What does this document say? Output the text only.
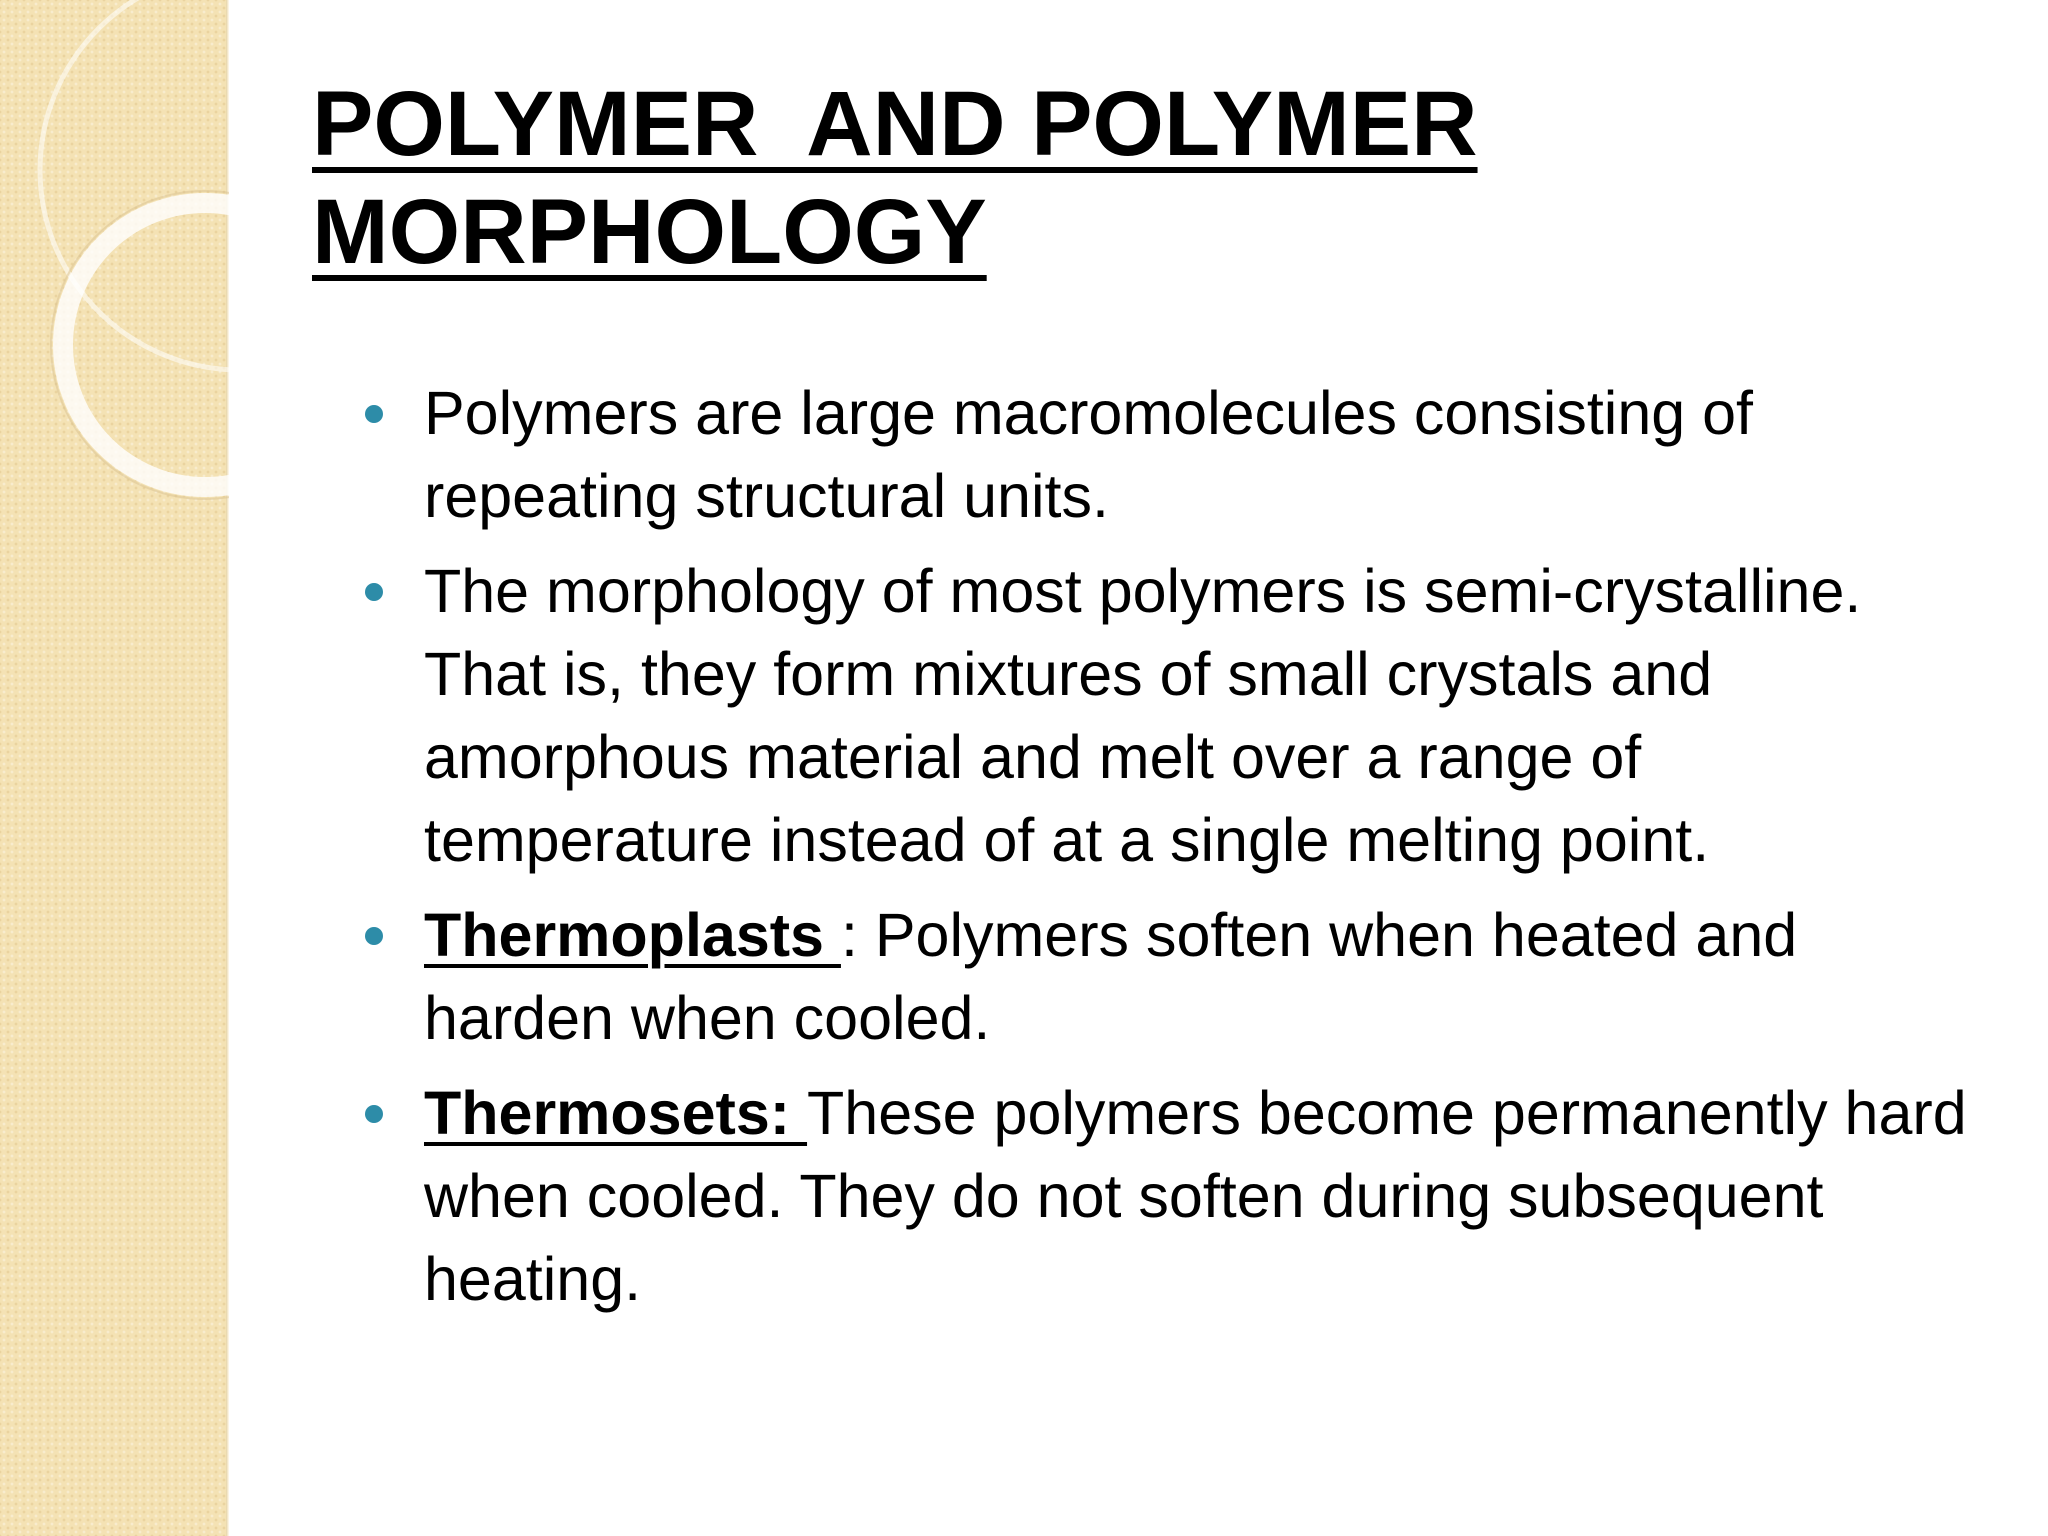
POLYMER  AND POLYMER
MORPHOLOGY
Polymers are large macromolecules consisting of repeating structural units.
The morphology of most polymers is semi-crystalline. That is, they form mixtures of small crystals and amorphous material and melt over a range of temperature instead of at a single melting point.
Thermoplasts : Polymers soften when heated and harden when cooled.
Thermosets: These polymers become permanently hard when cooled. They do not soften during subsequent heating.
